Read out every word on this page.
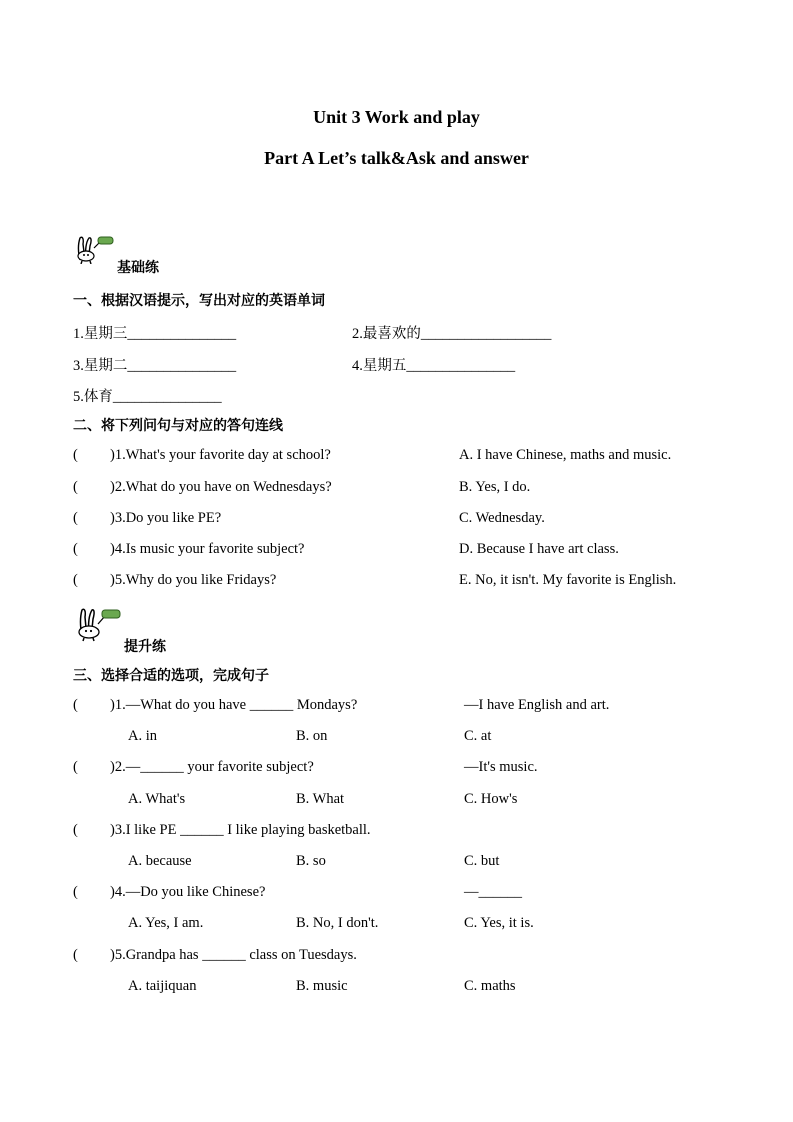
Unit 3 Work and play
Part A Let’s talk&Ask and answer
基础练
一、根据汉语提示，写出对应的英语单词
1.星期三_______________	2.最喜欢的__________________
3.星期二_______________	4.星期五_______________
5.体育_______________
二、将下列问句与对应的答句连线
( )1.What's your favorite day at school?	A. I have Chinese, maths and music.
( )2.What do you have on Wednesdays?	B. Yes, I do.
( )3.Do you like PE?	C. Wednesday.
( )4.Is music your favorite subject?	D. Because I have art class.
( )5.Why do you like Fridays?	E. No, it isn't. My favorite is English.
提升练
三、选择合适的选项，完成句子
( )1.—What do you have ______ Mondays?	—I have English and art.
A. in	B. on	C. at
( )2.—______ your favorite subject?	—It's music.
A. What's	B. What	C. How's
( )3.I like PE ______ I like playing basketball.
A. because	B. so	C. but
( )4.—Do you like Chinese?	—______
A. Yes, I am.	B. No, I don't.	C. Yes, it is.
( )5.Grandpa has ______ class on Tuesdays.
A. taijiquan	B. music	C. maths
